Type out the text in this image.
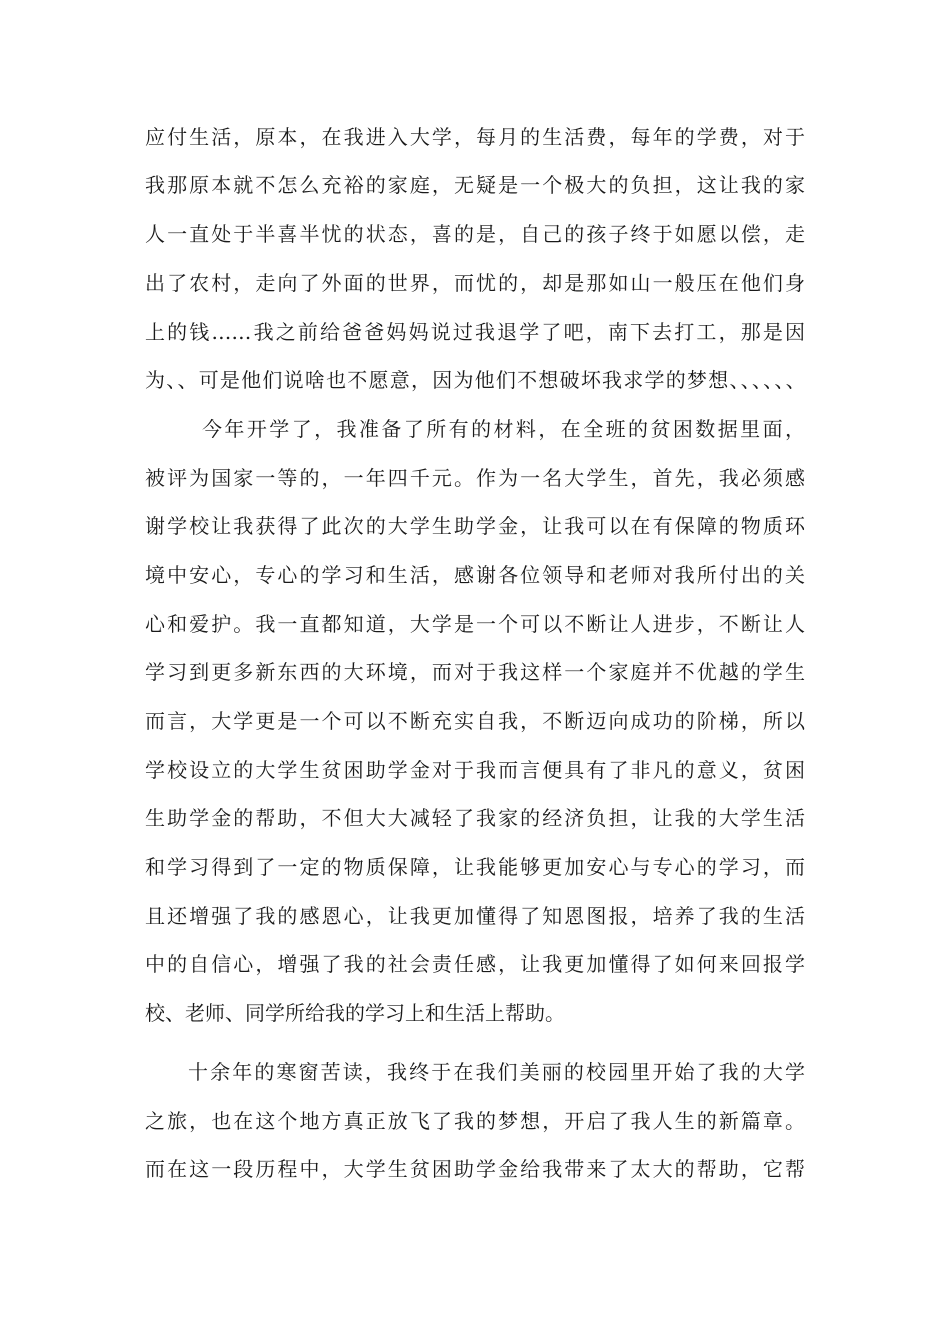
应付生活，原本，在我进入大学，每月的生活费，每年的学费，对于
我那原本就不怎么充裕的家庭，无疑是一个极大的负担，这让我的家
人一直处于半喜半忧的状态，喜的是，自己的孩子终于如愿以偿，走
出了农村，走向了外面的世界，而忧的，却是那如山一般压在他们身
上的钱……我之前给爸爸妈妈说过我退学了吧，南下去打工，那是因
为、、可是他们说啥也不愿意，因为他们不想破坏我求学的梦想、、、、、、
今年开学了，我准备了所有的材料，在全班的贫困数据里面，
被评为国家一等的，一年四千元。作为一名大学生，首先，我必须感
谢学校让我获得了此次的大学生助学金，让我可以在有保障的物质环
境中安心，专心的学习和生活，感谢各位领导和老师对我所付出的关
心和爱护。我一直都知道，大学是一个可以不断让人进步，不断让人
学习到更多新东西的大环境，而对于我这样一个家庭并不优越的学生
而言，大学更是一个可以不断充实自我，不断迈向成功的阶梯，所以
学校设立的大学生贫困助学金对于我而言便具有了非凡的意义，贫困
生助学金的帮助，不但大大减轻了我家的经济负担，让我的大学生活
和学习得到了一定的物质保障，让我能够更加安心与专心的学习，而
且还增强了我的感恩心，让我更加懂得了知恩图报，培养了我的生活
中的自信心，增强了我的社会责任感，让我更加懂得了如何来回报学
校、老师、同学所给我的学习上和生活上帮助。
十余年的寒窗苦读，我终于在我们美丽的校园里开始了我的大学
之旅，也在这个地方真正放飞了我的梦想，开启了我人生的新篇章。
而在这一段历程中，大学生贫困助学金给我带来了太大的帮助，它帮
